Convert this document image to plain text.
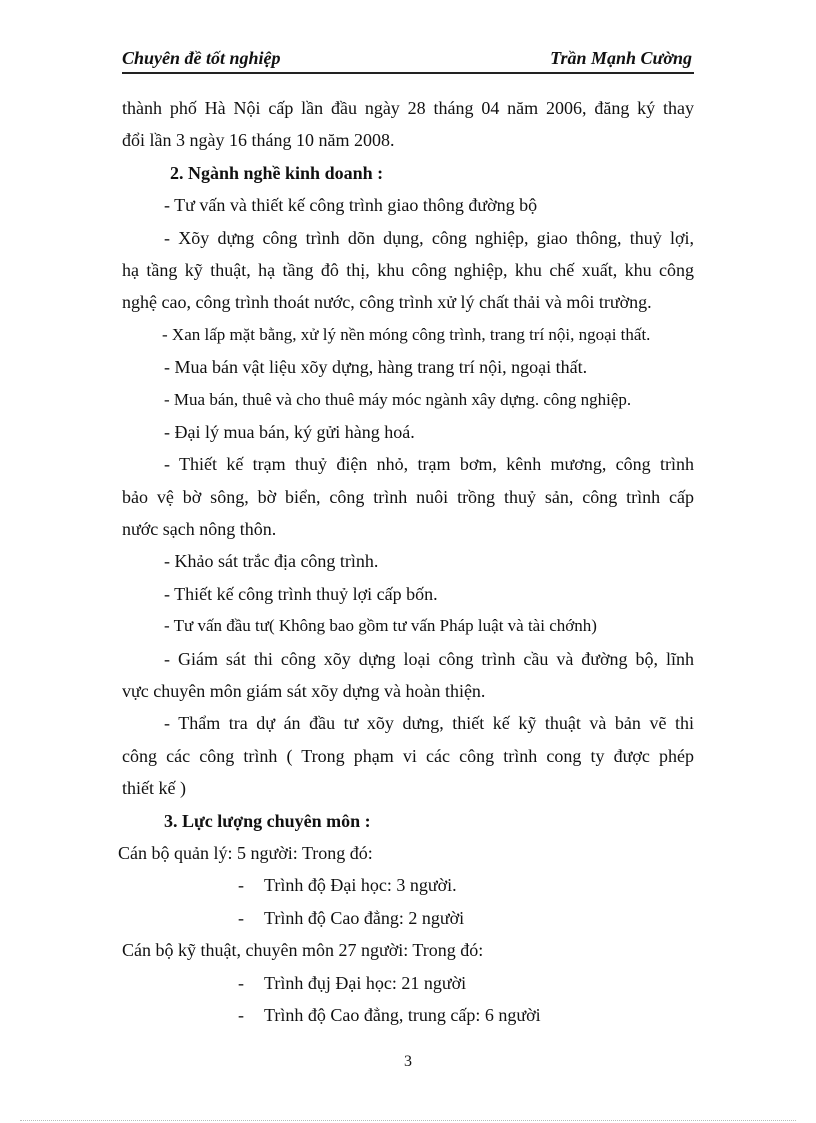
Chuyên đề tốt nghiệp	Trần Mạnh Cường
thành phố Hà Nội cấp lần đầu ngày 28 tháng 04 năm 2006, đăng ký thay
đổi lần 3 ngày 16 tháng 10 năm 2008.
2. Ngành nghề kinh doanh :
- Tư vấn và thiết kế công trình giao thông đường bộ
- Xõy dựng công trình dõn dụng, công nghiệp, giao thông, thuỷ lợi,
hạ tầng kỹ thuật, hạ tầng đô thị, khu công nghiệp, khu chế xuất, khu công
nghệ cao, công trình thoát nước, công trình xử lý chất thải và môi trường.
- Xan lấp mặt bằng, xử lý nền móng công trình, trang trí nội, ngoại thất.
- Mua bán vật liệu xõy dựng, hàng trang trí nội, ngoại thất.
- Mua bán, thuê và cho thuê máy móc ngành xây dựng. công nghiệp.
- Đại lý mua bán, ký gửi hàng hoá.
- Thiết kế trạm thuỷ điện nhỏ, trạm bơm, kênh mương, công trình
bảo vệ bờ sông, bờ biển, công trình nuôi trồng thuỷ sản, công trình cấp
nước sạch nông thôn.
- Khảo sát trắc địa công trình.
- Thiết kế công trình thuỷ lợi cấp bốn.
- Tư vấn đầu tư( Không bao gồm tư vấn Pháp luật và tài chớnh)
- Giám sát thi công xõy dựng loại công trình cầu và đường bộ, lĩnh
vực chuyên môn giám sát xõy dựng và hoàn thiện.
- Thẩm tra dự án đầu tư xõy dưng, thiết kế kỹ thuật và bản vẽ thi
công các công trình ( Trong phạm vi các công trình cong ty được phép
thiết kế )
3. Lực lượng chuyên môn :
Cán bộ quản lý: 5 người: Trong đó:
- Trình độ Đại học: 3 người.
- Trình độ Cao đẳng: 2 người
Cán bộ kỹ thuật, chuyên môn 27 người: Trong đó:
- Trình đụj Đại học: 21 người
- Trình độ Cao đẳng, trung cấp: 6 người
3
